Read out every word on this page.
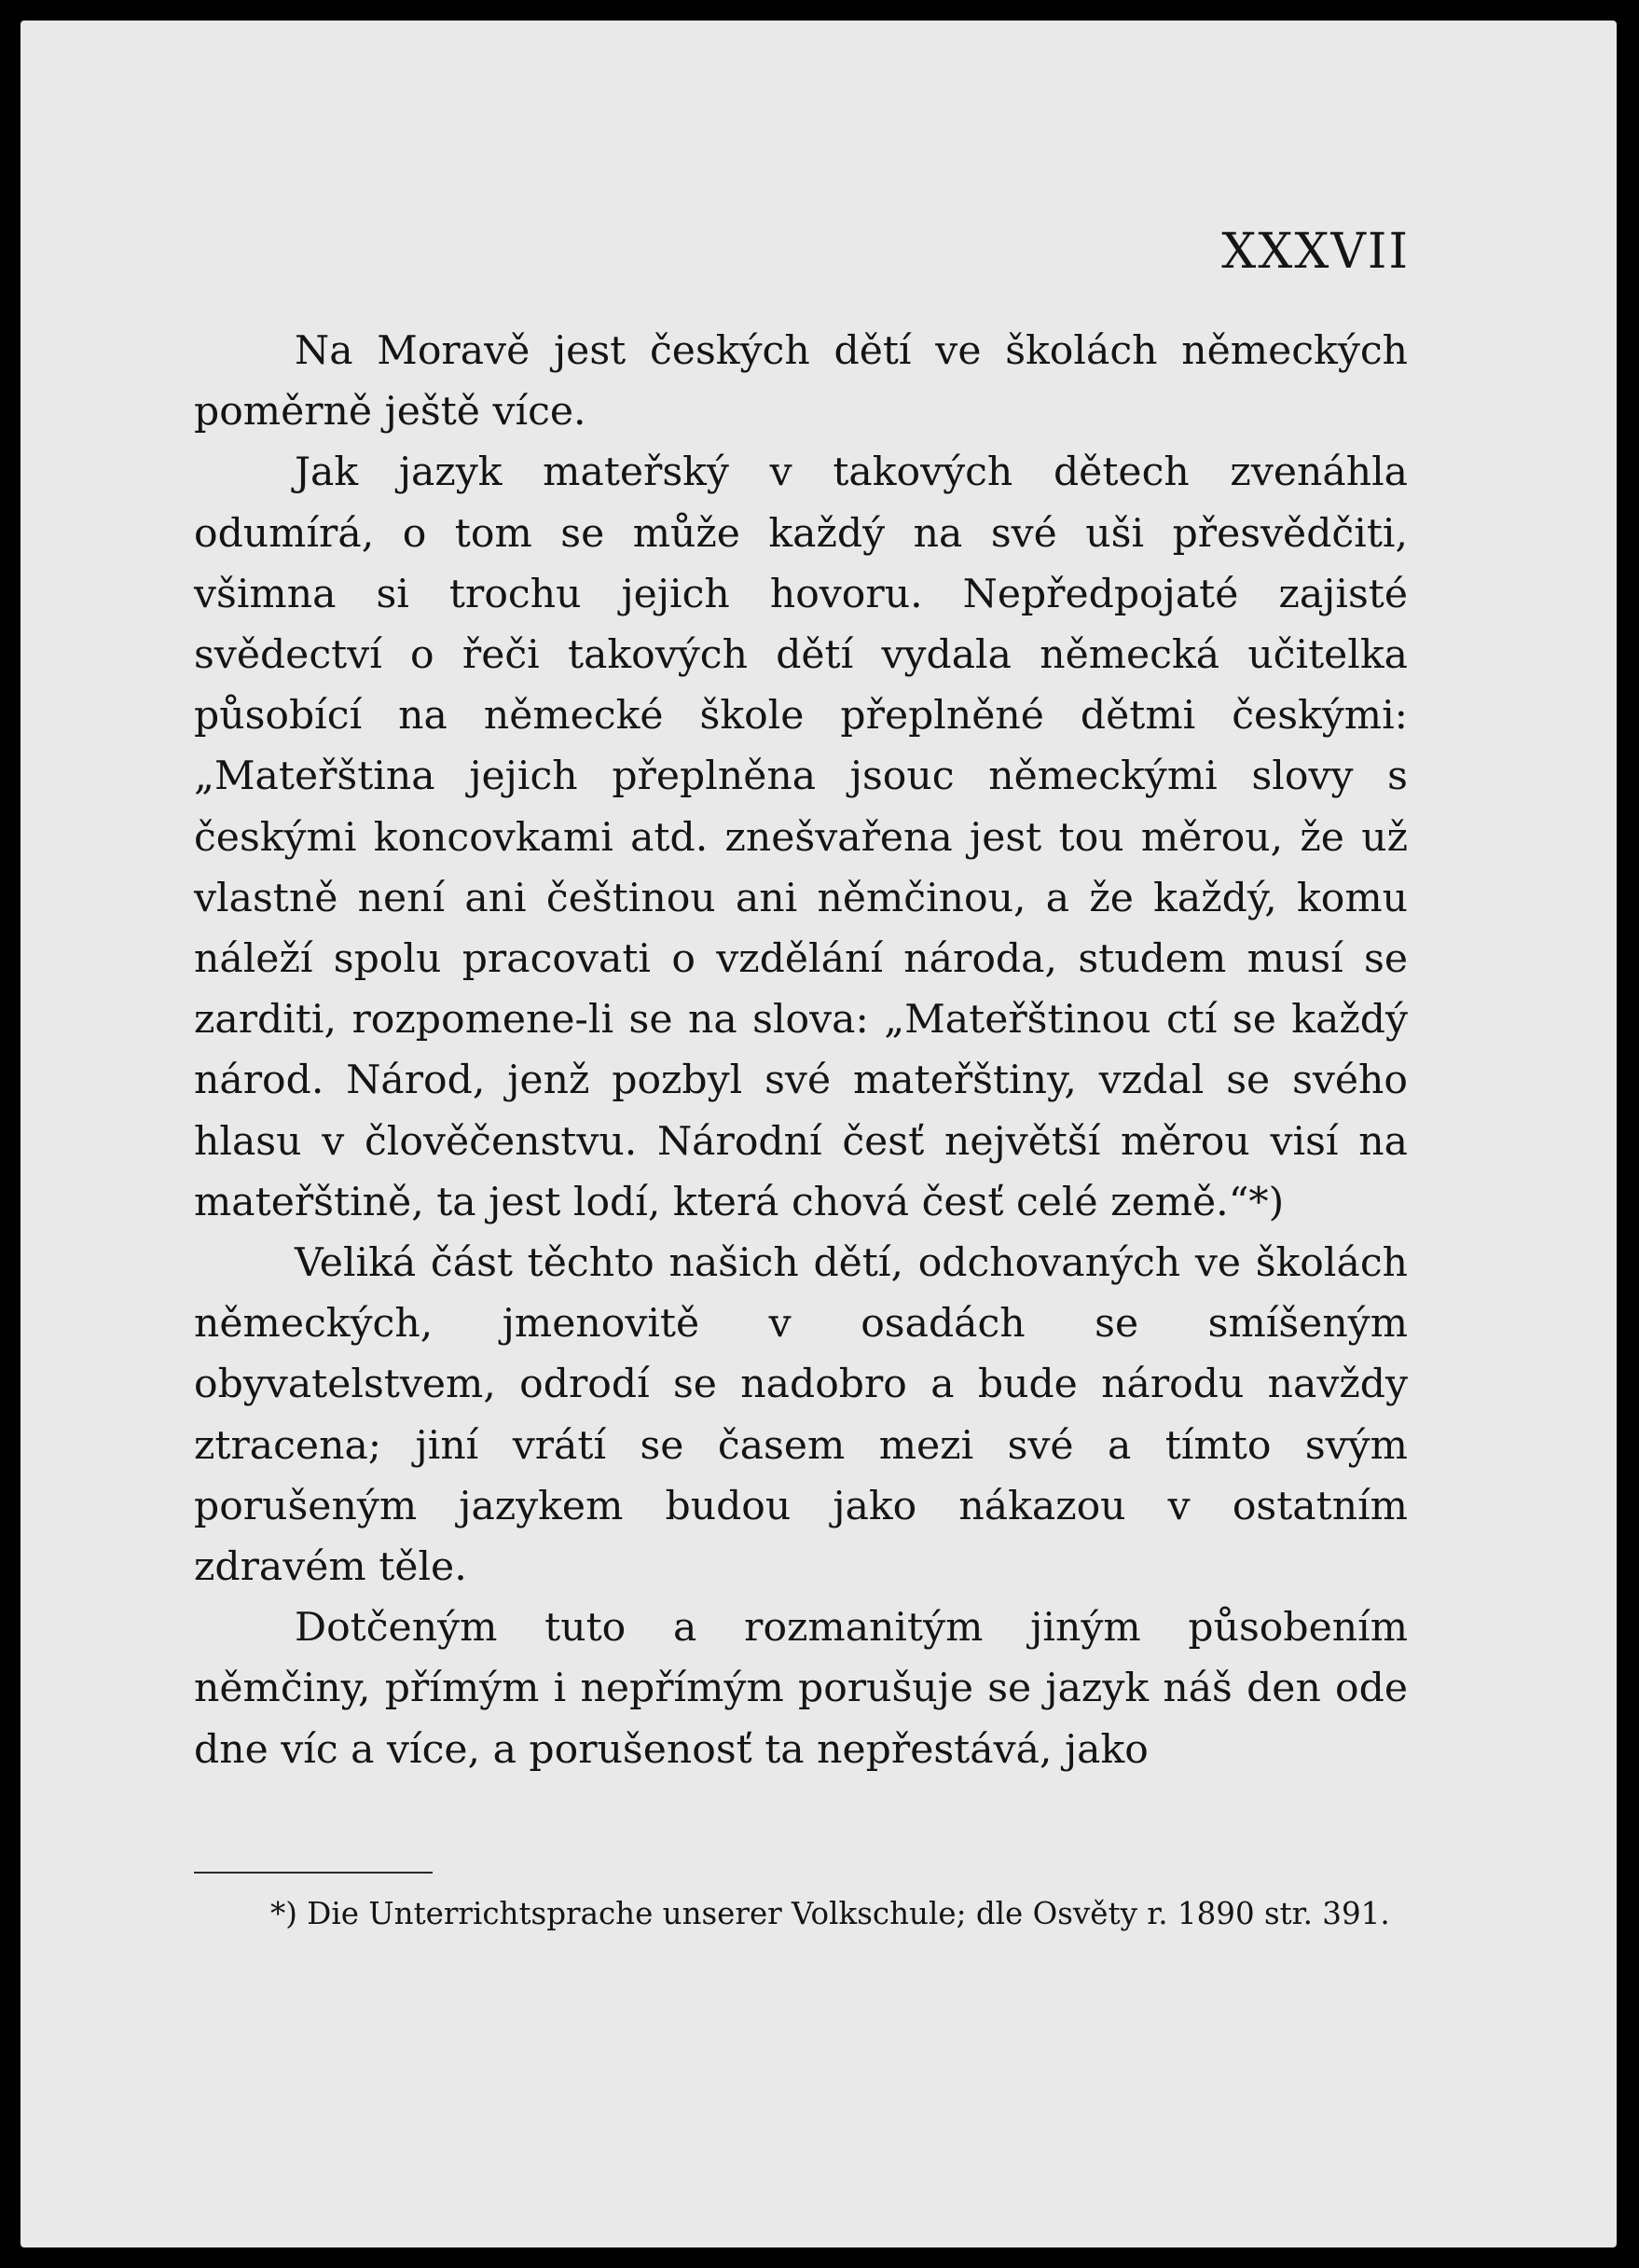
XXXVII

Na Moravě jest českých dětí ve školách německých poměrně ještě více.

Jak jazyk mateřský v takových dětech zvenáhla odumírá, o tom se může každý na své uši přesvědčiti, všimna si trochu jejich hovoru. Nepředpojaté zajisté svědectví o řeči takových dětí vydala německá učitelka působící na německé škole přeplněné dětmi českými: „Mateřština jejich přeplněna jsouc německými slovy s českými koncovkami atd. znešvařena jest tou měrou, že už vlastně není ani češtinou ani němčinou, a že každý, komu náleží spolu pracovati o vzdělání národa, studem musí se zarditi, rozpomene-li se na slova: „Mateřštinou ctí se každý národ. Národ, jenž pozbyl své mateřštiny, vzdal se svého hlasu v člověčenstvu. Národní česť největší měrou visí na mateřštině, ta jest lodí, která chová česť celé země.“*)

Veliká část těchto našich dětí, odchovaných ve školách německých, jmenovitě v osadách se smíšeným obyvatelstvem, odrodí se nadobro a bude národu navždy ztracena; jiní vrátí se časem mezi své a tímto svým porušeným jazykem budou jako nákazou v ostatním zdravém těle.

Dotčeným tuto a rozmanitým jiným působením němčiny, přímým i nepřímým porušuje se jazyk náš den ode dne víc a více, a porušenosť ta nepřestává, jako

*) Die Unterrichtsprache unserer Volkschule; dle Osvěty r. 1890 str. 391.
